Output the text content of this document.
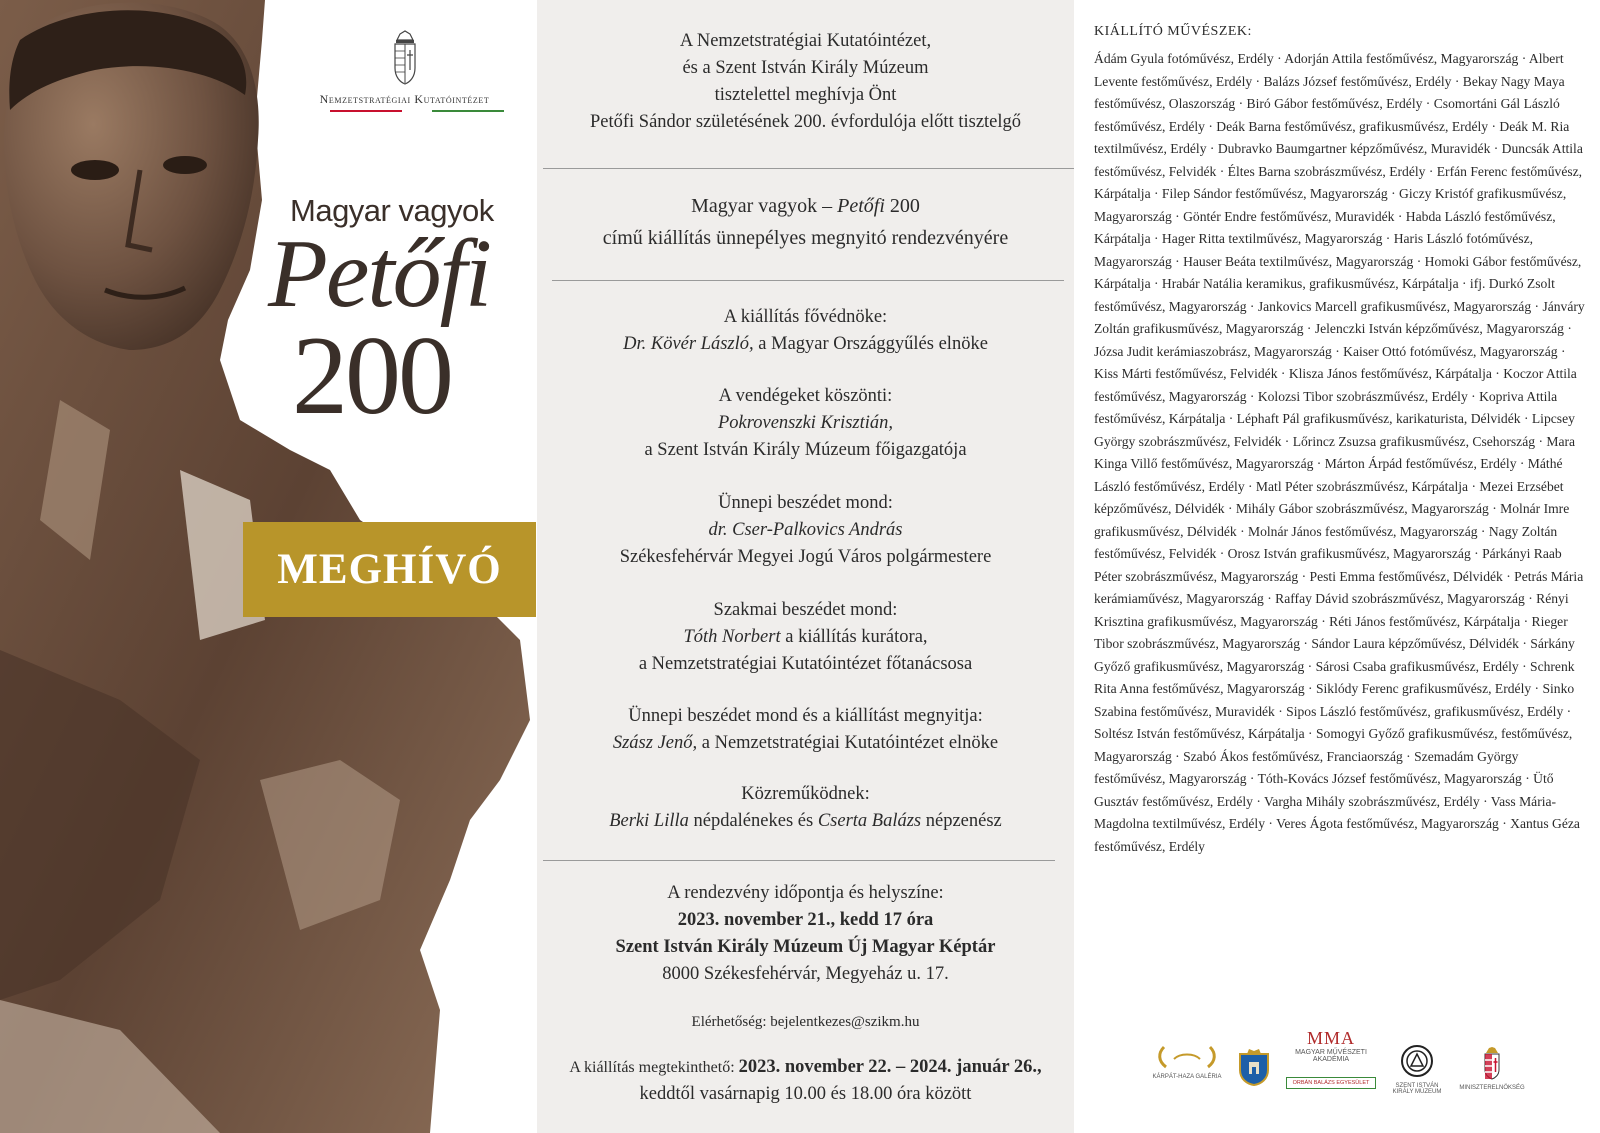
Nemzetstratégiai Kutatóintézet
Magyar vagyok
Petőfi
200
MEGHÍVÓ

A Nemzetstratégiai Kutatóintézet,

és a Szent István Király Múzeum

tisztelettel meghívja Önt

Petőfi Sándor születésének 200. évfordulója előtt tisztelgő

Magyar vagyok – Petőfi 200

című kiállítás ünnepélyes megnyitó rendezvényére

A kiállítás fővédnöke:

Dr. Kövér László, a Magyar Országgyűlés elnöke

A vendégeket köszönti:

Pokrovenszki Krisztián,

a Szent István Király Múzeum főigazgatója

Ünnepi beszédet mond:

dr. Cser-Palkovics András

Székesfehérvár Megyei Jogú Város polgármestere

Szakmai beszédet mond:

Tóth Norbert a kiállítás kurátora,

a Nemzetstratégiai Kutatóintézet főtanácsosa

Ünnepi beszédet mond és a kiállítást megnyitja:

Szász Jenő, a Nemzetstratégiai Kutatóintézet elnöke

Közreműködnek:

Berki Lilla népdalénekes és Cserta Balázs népzenész

A rendezvény időpontja és helyszíne:

2023. november 21., kedd 17 óra

Szent István Király Múzeum Új Magyar Képtár

8000 Székesfehérvár, Megyeház u. 17.

Elérhetőség: bejelentkezes@szikm.hu

A kiállítás megtekinthető: 2023. november 22. – 2024. január 26.,

keddtől vasárnapig 10.00 és 18.00 óra között

KIÁLLÍTÓ MŰVÉSZEK:
Ádám Gyula fotóművész, Erdély · Adorján Attila festőművész, Magyarország · Albert Levente festőművész, Erdély · Balázs József festőművész, Erdély · Bekay Nagy Maya festőművész, Olaszország · Biró Gábor festőművész, Erdély · Csomortáni Gál László festőművész, Erdély · Deák Barna festőművész, grafikusművész, Erdély · Deák M. Ria textilművész, Erdély · Dubravko Baumgartner képzőművész, Muravidék · Duncsák Attila festőművész, Felvidék · Éltes Barna szobrászművész, Erdély · Erfán Ferenc festőművész, Kárpátalja · Filep Sándor festőművész, Magyarország · Giczy Kristóf grafikusművész, Magyarország · Göntér Endre festőművész, Muravidék · Habda László festőművész, Kárpátalja · Hager Ritta textilművész, Magyarország · Haris László fotóművész, Magyarország · Hauser Beáta textilművész, Magyarország · Homoki Gábor festőművész, Kárpátalja · Hrabár Natália keramikus, grafikusművész, Kárpátalja · ifj. Durkó Zsolt festőművész, Magyarország · Jankovics Marcell grafikusművész, Magyarország · Jánváry Zoltán grafikusművész, Magyarország · Jelenczki István képzőművész, Magyarország · Józsa Judit kerámiaszobrász, Magyarország · Kaiser Ottó fotóművész, Magyarország · Kiss Márti festőművész, Felvidék · Klisza János festőművész, Kárpátalja · Koczor Attila festőművész, Magyarország · Kolozsi Tibor szobrászművész, Erdély · Kopriva Attila festőművész, Kárpátalja · Léphaft Pál grafikusművész, karikaturista, Délvidék · Lipcsey György szobrászművész, Felvidék · Lőrincz Zsuzsa grafikusművész, Csehország · Mara Kinga Villő festőművész, Magyarország · Márton Árpád festőművész, Erdély · Máthé László festőművész, Erdély · Matl Péter szobrászművész, Kárpátalja · Mezei Erzsébet képzőművész, Délvidék · Mihály Gábor szobrászművész, Magyarország · Molnár Imre grafikusművész, Délvidék · Molnár János festőművész, Magyarország · Nagy Zoltán festőművész, Felvidék · Orosz István grafikusművész, Magyarország · Párkányi Raab Péter szobrászművész, Magyarország · Pesti Emma festőművész, Délvidék · Petrás Mária kerámiaművész, Magyarország · Raffay Dávid szobrászművész, Magyarország · Rényi Krisztina grafikusművész, Magyarország · Réti János festőművész, Kárpátalja · Rieger Tibor szobrászművész, Magyarország · Sándor Laura képzőművész, Délvidék · Sárkány Győző grafikusművész, Magyarország · Sárosi Csaba grafikusművész, Erdély · Schrenk Rita Anna festőművész, Magyarország · Siklódy Ferenc grafikusművész, Erdély · Sinko Szabina festőművész, Muravidék · Sipos László festőművész, grafikusművész, Erdély · Soltész István festőművész, Kárpátalja · Somogyi Győző grafikusművész, festőművész, Magyarország · Szabó Ákos festőművész, Franciaország · Szemadám György festőművész, Magyarország · Tóth-Kovács József festőművész, Magyarország · Ütő Gusztáv festőművész, Erdély · Vargha Mihály szobrászművész, Erdély · Vass Mária-Magdolna textilművész, Erdély · Veres Ágota festőművész, Magyarország · Xantus Géza festőművész, Erdély
KÁRPÁT-HAZA GALÉRIA
MMA
MAGYAR MŰVÉSZETI
AKADÉMIA
ORBÁN BALÁZS EGYESÜLET	SZENT ISTVÁN
KIRÁLY MÚZEUM
MINISZTERELNÖKSÉG
